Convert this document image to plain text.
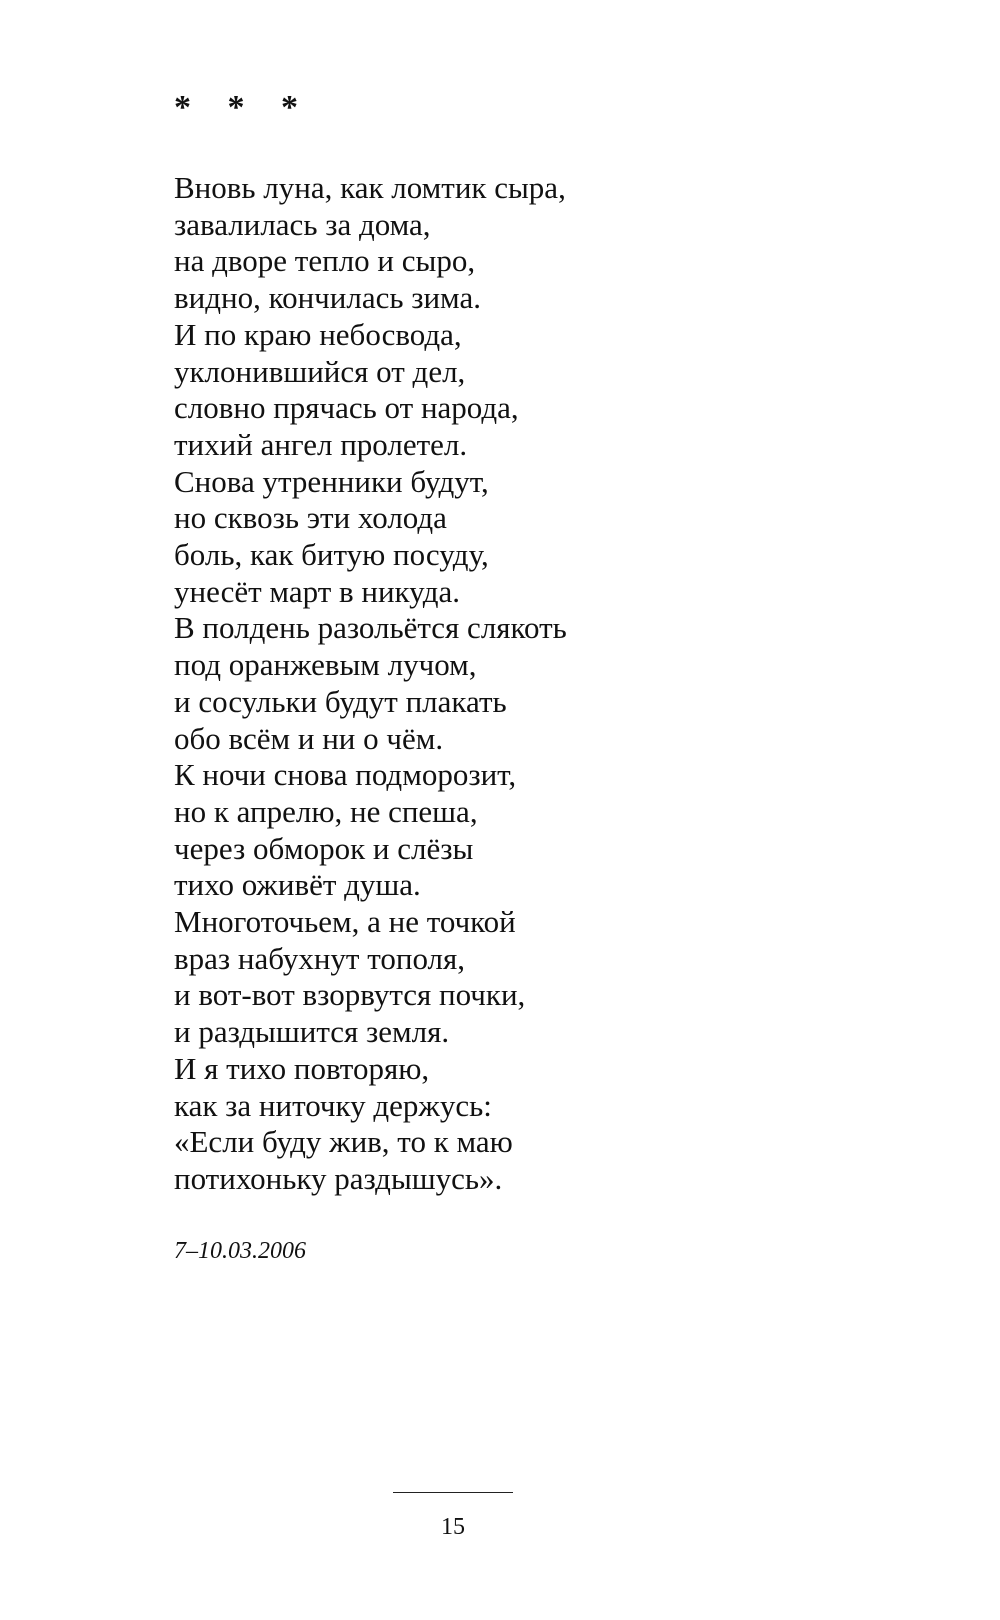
* * *
Вновь луна, как ломтик сыра,
завалилась за дома,
на дворе тепло и сыро,
видно, кончилась зима.
И по краю небосвода,
уклонившийся от дел,
словно прячась от народа,
тихий ангел пролетел.
Снова утренники будут,
но сквозь эти холода
боль, как битую посуду,
унесёт март в никуда.
В полдень разольётся слякоть
под оранжевым лучом,
и сосульки будут плакать
обо всём и ни о чём.
К ночи снова подморозит,
но к апрелю, не спеша,
через обморок и слёзы
тихо оживёт душа.
Многоточьем, а не точкой
враз набухнут тополя,
и вот-вот взорвутся почки,
и раздышится земля.
И я тихо повторяю,
как за ниточку держусь:
«Если буду жив, то к маю
потихоньку раздышусь».
7–10.03.2006
15
